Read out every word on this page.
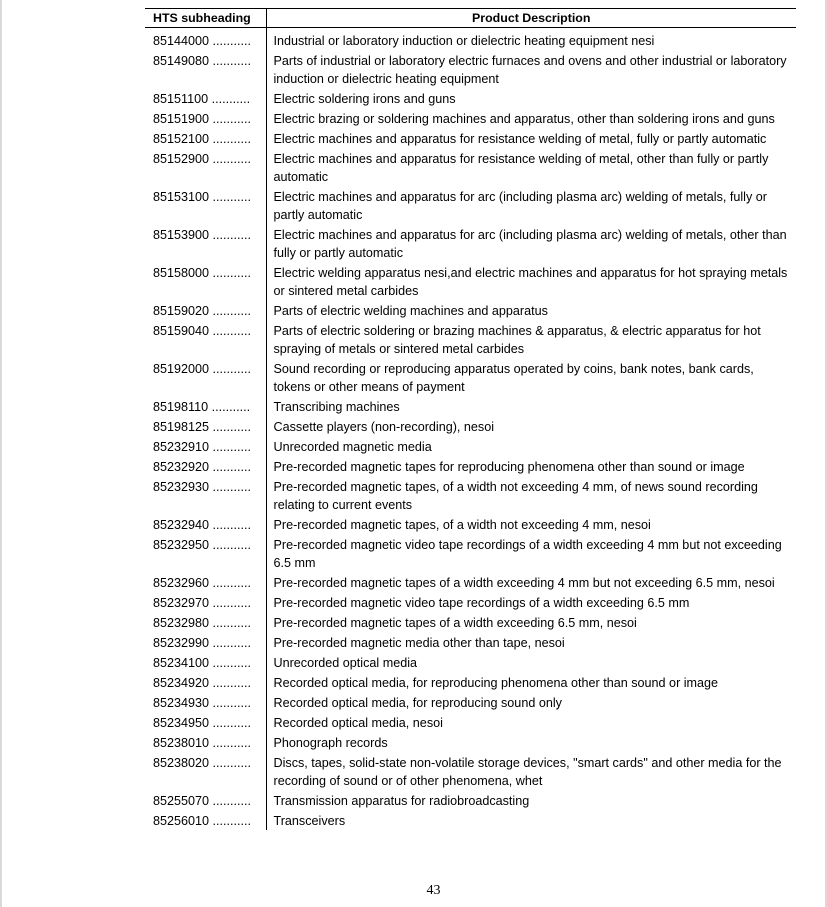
HTS subheading	Product Description
85144000 ...........	Industrial or laboratory induction or dielectric heating equipment nesi
85149080 ...........	Parts of industrial or laboratory electric furnaces and ovens and other industrial or laboratory induction or dielectric heating equipment
85151100 ...........	Electric soldering irons and guns
85151900 ...........	Electric brazing or soldering machines and apparatus, other than soldering irons and guns
85152100 ...........	Electric machines and apparatus for resistance welding of metal, fully or partly automatic
85152900 ...........	Electric machines and apparatus for resistance welding of metal, other than fully or partly automatic
85153100 ...........	Electric machines and apparatus for arc (including plasma arc) welding of metals, fully or partly automatic
85153900 ...........	Electric machines and apparatus for arc (including plasma arc) welding of metals, other than fully or partly automatic
85158000 ...........	Electric welding apparatus nesi,and electric machines and apparatus for hot spraying metals or sintered metal carbides
85159020 ...........	Parts of electric welding machines and apparatus
85159040 ...........	Parts of electric soldering or brazing machines & apparatus, & electric apparatus for hot spraying of metals or sintered metal carbides
85192000 ...........	Sound recording or reproducing apparatus operated by coins, bank notes, bank cards, tokens or other means of payment
85198110 ...........	Transcribing machines
85198125 ...........	Cassette players (non-recording), nesoi
85232910 ...........	Unrecorded magnetic media
85232920 ...........	Pre-recorded magnetic tapes for reproducing phenomena other than sound or image
85232930 ...........	Pre-recorded magnetic tapes, of a width not exceeding 4 mm, of news sound recording relating to current events
85232940 ...........	Pre-recorded magnetic tapes, of a width not exceeding 4 mm, nesoi
85232950 ...........	Pre-recorded magnetic video tape recordings of a width exceeding 4 mm but not exceeding 6.5 mm
85232960 ...........	Pre-recorded magnetic tapes of a width exceeding 4 mm but not exceeding 6.5 mm, nesoi
85232970 ...........	Pre-recorded magnetic video tape recordings of a width exceeding 6.5 mm
85232980 ...........	Pre-recorded magnetic tapes of a width exceeding 6.5 mm, nesoi
85232990 ...........	Pre-recorded magnetic media other than tape, nesoi
85234100 ...........	Unrecorded optical media
85234920 ...........	Recorded optical media, for reproducing phenomena other than sound or image
85234930 ...........	Recorded optical media, for reproducing sound only
85234950 ...........	Recorded optical media, nesoi
85238010 ...........	Phonograph records
85238020 ...........	Discs, tapes, solid-state non-volatile storage devices, "smart cards" and other media for the recording of sound or of other phenomena, whet
85255070 ...........	Transmission apparatus for radiobroadcasting
85256010 ...........	Transceivers
43
